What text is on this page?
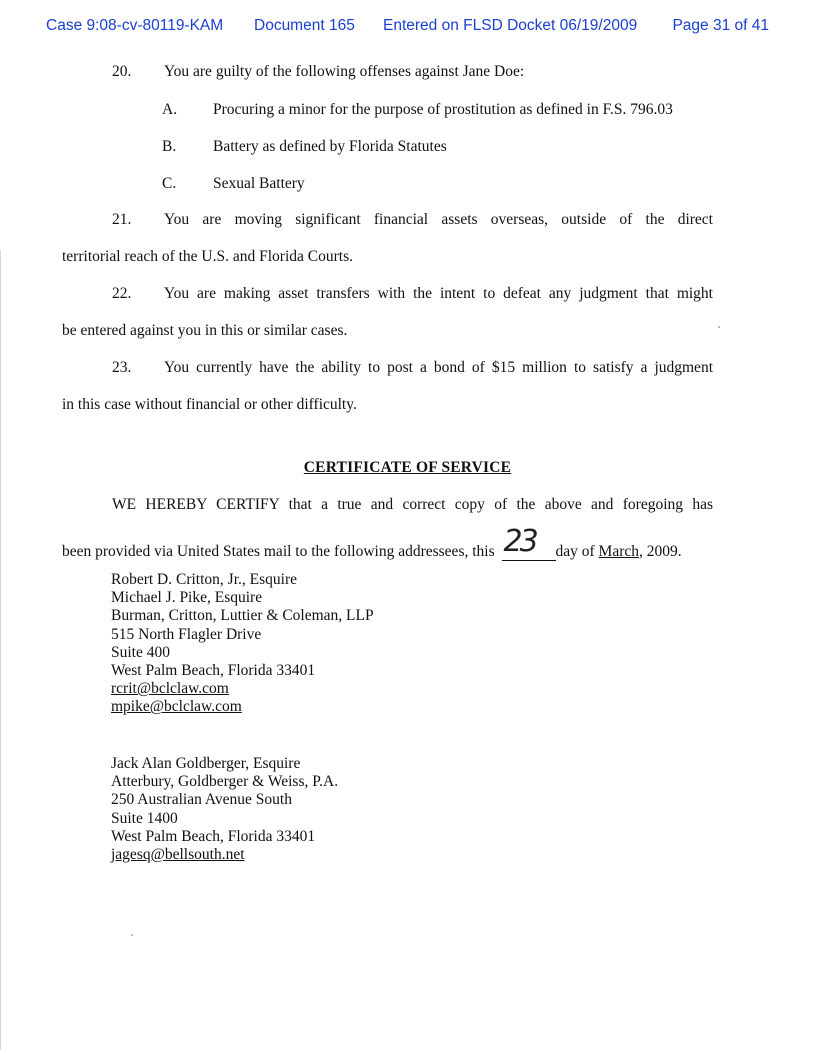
Case 9:08-cv-80119-KAM Document 165 Entered on FLSD Docket 06/19/2009 Page 31 of 41
20. You are guilty of the following offenses against Jane Doe:
A. Procuring a minor for the purpose of prostitution as defined in F.S. 796.03
B. Battery as defined by Florida Statutes
C. Sexual Battery
21. You are moving significant financial assets overseas, outside of the direct
territorial reach of the U.S. and Florida Courts.
22. You are making asset transfers with the intent to defeat any judgment that might
be entered against you in this or similar cases.
23. You currently have the ability to post a bond of $15 million to satisfy a judgment
in this case without financial or other difficulty.
CERTIFICATE OF SERVICE
WE HEREBY CERTIFY that a true and correct copy of the above and foregoing has
been provided via United States mail to the following addressees, this 23 day of March, 2009.
Robert D. Critton, Jr., Esquire
Michael J. Pike, Esquire
Burman, Critton, Luttier & Coleman, LLP
515 North Flagler Drive
Suite 400
West Palm Beach, Florida 33401
rcrit@bclclaw.com
mpike@bclclaw.com
Jack Alan Goldberger, Esquire
Atterbury, Goldberger & Weiss, P.A.
250 Australian Avenue South
Suite 1400
West Palm Beach, Florida 33401
jagesq@bellsouth.net
